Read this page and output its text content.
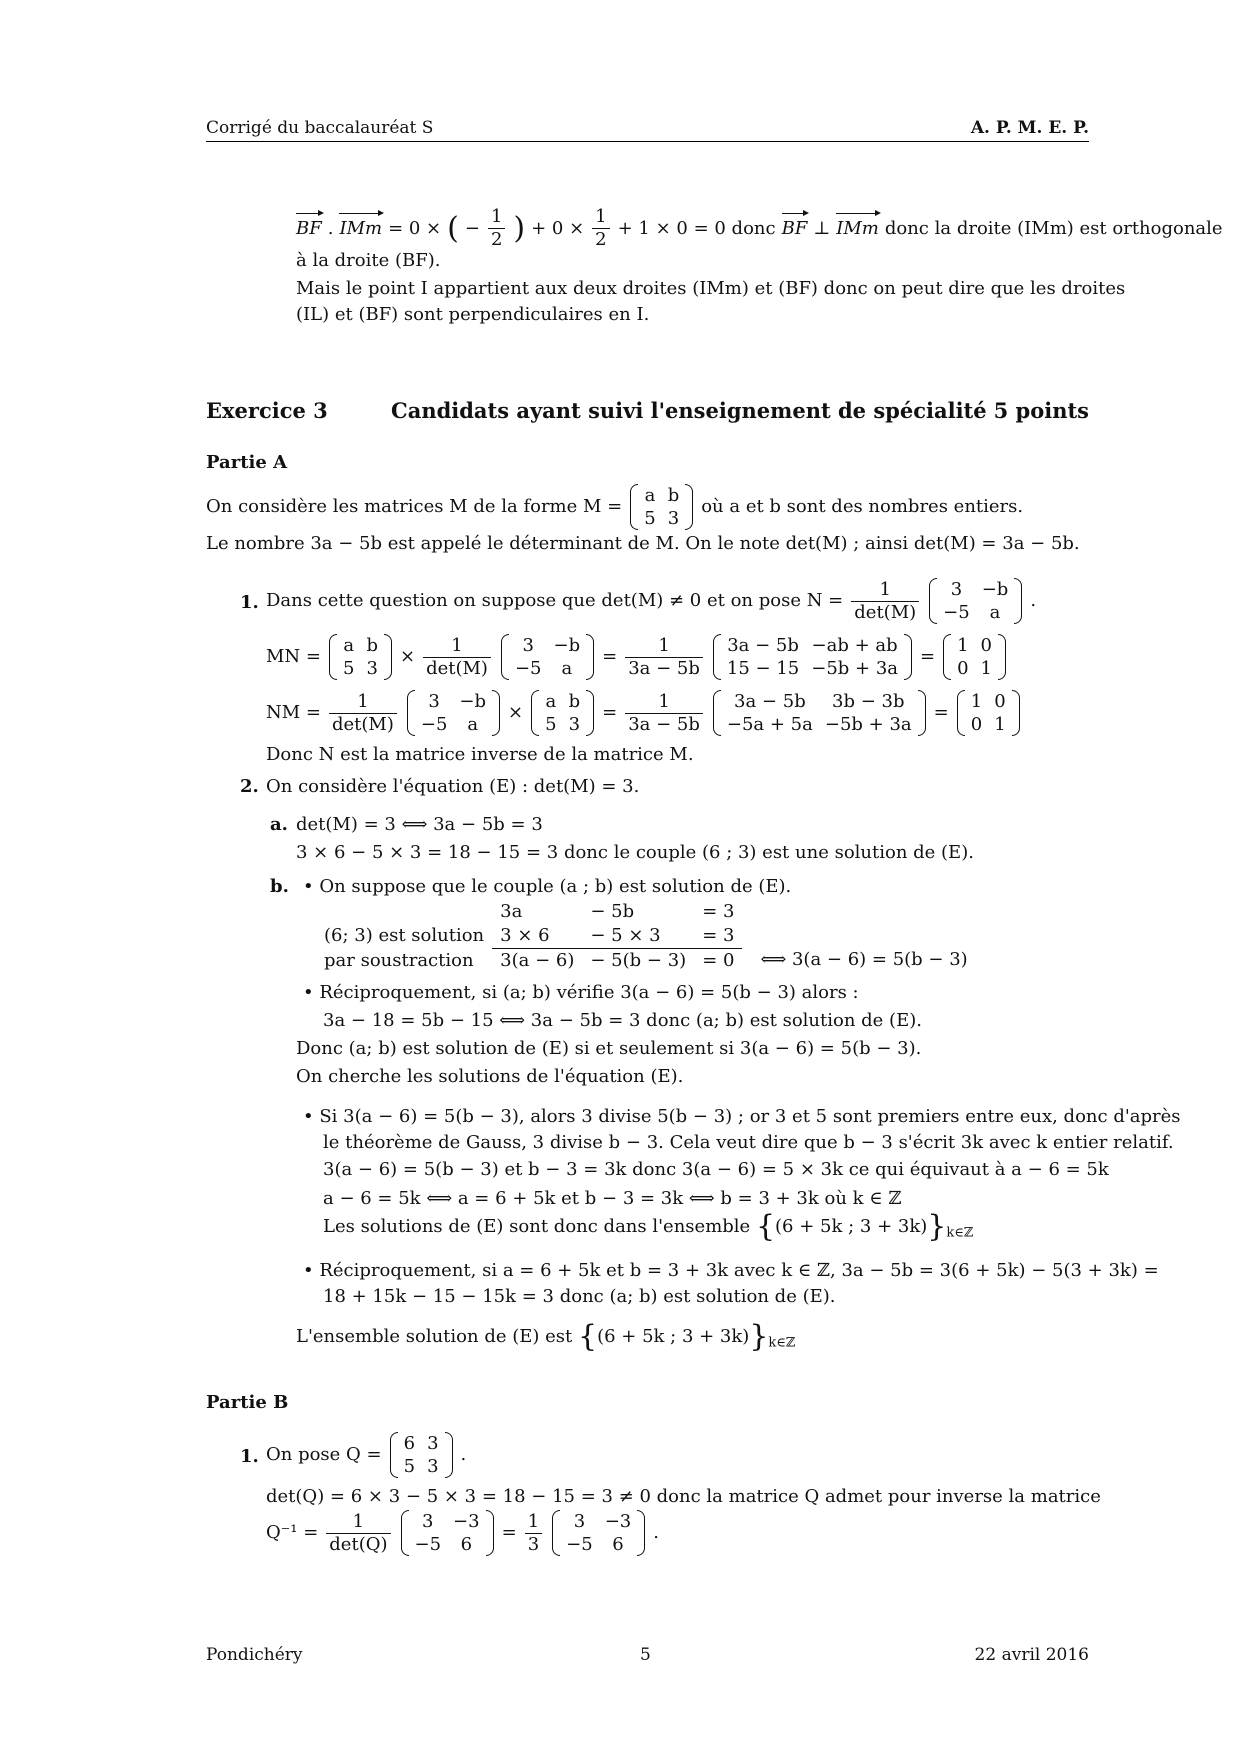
Corrigé du baccalauréat S	A. P. M. E. P.
BF . IMm = 0 × ( − $\frac{1}{2}$ ) + $0 \times \frac{1}{2} + 1 \times 0 = 0$ donc BF ⊥ IMm donc la droite (IMm) est orthogonale
à la droite (BF).
Mais le point I appartient aux deux droites (IMm) et (BF) donc on peut dire que les droites
(IL) et (BF) sont perpendiculaires en I.
Exercice 3	Candidats ayant suivi l'enseignement de spécialité 5 points
Partie A
On considère les matrices M de la forme M =
a	b
5	3
où a et b sont des nombres entiers.
Le nombre 3a − 5b est appelé le déterminant de M. On le note det(M) ; ainsi det(M) = 3a − 5b.
1. Dans cette question on suppose que det(M) ≠ 0 et on pose N =
1
det(M)
3	−b
−5	a
.
MN =
a	b
5	3
×
1
det(M)
3	−b
−5	a
= $\frac{1}{3a - 5b} 3a - 5b$	−ab + ab
15 − 15	−5b + 3a
=
1	0
0	1
NM =
1
det(M)
3	−b
−5	a
×
a	b
5	3
= $\frac{1}{3a - 5b} 3a - 5b$	3b − 3b
−5a + 5a	−5b + 3a
=
1	0
0	1
Donc N est la matrice inverse de la matrice M.
2. On considère l'équation (E) : det(M) = 3.
a. det(M) = 3 ⟺ 3a − 5b = 3
3 × 6 − 5 × 3 = 18 − 15 = 3 donc le couple (6 ; 3) est une solution de (E).
b. • On suppose que le couple (a ; b) est solution de (E).
	3a	− 5b	= 3
(6; 3) est solution	3 × 6	− 5 × 3	= 3
par soustraction	3(a − 6)	− 5(b − 3)	= 0 ⟺ 3(a − 6) = 5(b − 3)
• Réciproquement, si (a; b) vérifie 3(a − 6) = 5(b − 3) alors :
3a − 18 = 5b − 15 ⟺ 3a − 5b = 3 donc (a; b) est solution de (E).
Donc (a; b) est solution de (E) si et seulement si 3(a − 6) = 5(b − 3).
On cherche les solutions de l'équation (E).
• Si 3(a − 6) = 5(b − 3), alors 3 divise 5(b − 3) ; or 3 et 5 sont premiers entre eux, donc d'après
le théorème de Gauss, 3 divise b − 3. Cela veut dire que b − 3 s'écrit 3k avec k entier relatif.
3(a − 6) = 5(b − 3) et b − 3 = 3k donc 3(a − 6) = 5 × 3k ce qui équivaut à a − 6 = 5k
a − 6 = 5k ⟺ a = 6 + 5k et b − 3 = 3k ⟺ b = 3 + 3k où k ∈ ℤ
Les solutions de (E) sont donc dans l'ensemble {(6 + 5k ; $3 + 3k)\}_{k\in ℤ}$
• Réciproquement, si a = 6 + 5k et b = 3 + 3k avec k ∈ ℤ, 3a − 5b = 3(6 + 5k) − 5(3 + 3k) =
18 + 15k − 15 − 15k = 3 donc (a; b) est solution de (E).
L'ensemble solution de (E) est {(6 + 5k ; $3 + 3k)\}_{k\in ℤ}$
Partie B
1. On pose Q =
6	3
5	3
.
det(Q) = 6 × 3 − 5 × 3 = 18 − 15 = 3 ≠ 0 donc la matrice Q admet pour inverse la matrice
Q⁻¹ =
1
det(Q)
3	−3
−5	6
= $\frac{1}{3} 3$	−3
−5	6
.
Pondichéry	5	22 avril 2016
